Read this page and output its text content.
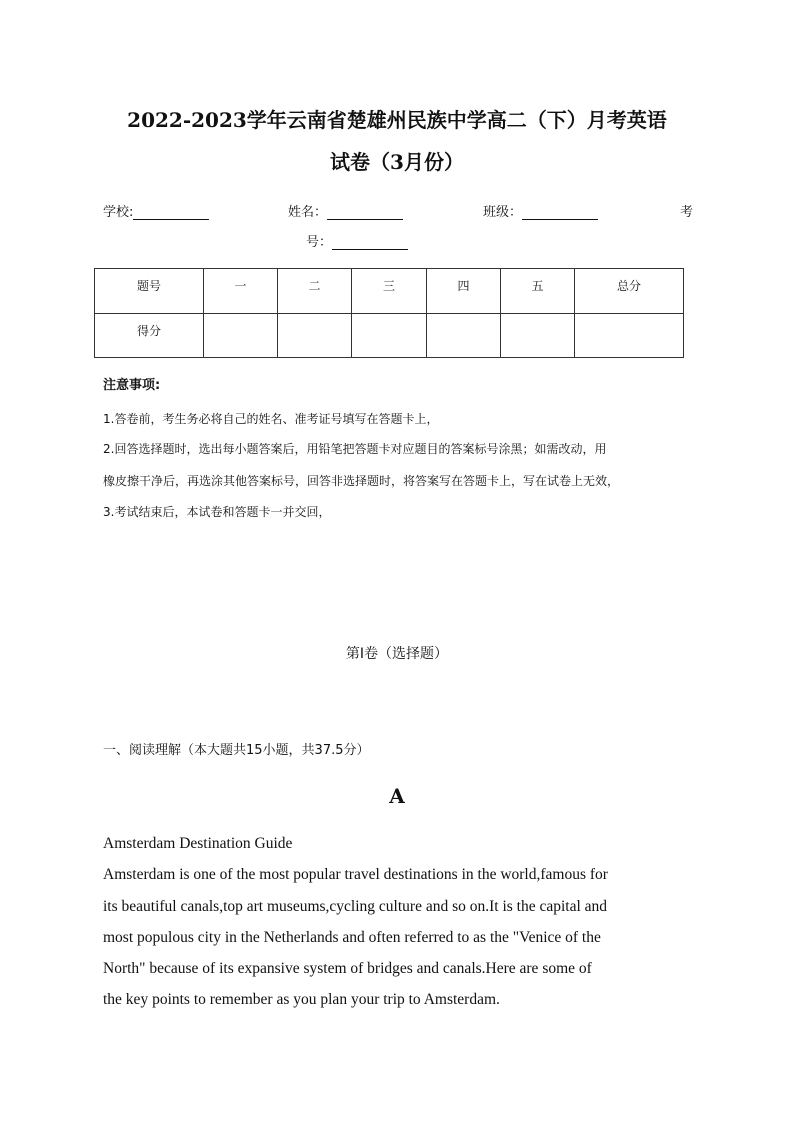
2022-2023学年云南省楚雄州民族中学高二（下）月考英语
试卷（3月份）
学校:	姓名：	班级：	考
号：
题号	一	二	三	四	五	总分
得分						
注意事项:
1.答卷前，考生务必将自己的姓名、准考证号填写在答题卡上，
2.回答选择题时，选出每小题答案后，用铅笔把答题卡对应题目的答案标号涂黑；如需改动，用
橡皮擦干净后，再选涂其他答案标号，回答非选择题时，将答案写在答题卡上，写在试卷上无效，
3.考试结束后，本试卷和答题卡一并交回，
第Ⅰ卷（选择题）
一、阅读理解（本大题共15小题，共37.5分）
A
Amsterdam Destination Guide
Amsterdam is one of the most popular travel destinations in the world,famous for
its beautiful canals,top art museums,cycling culture and so on.It is the capital and
most populous city in the Netherlands and often referred to as the "Venice of the
North" because of its expansive system of bridges and canals.Here are some of
the key points to remember as you plan your trip to Amsterdam.
